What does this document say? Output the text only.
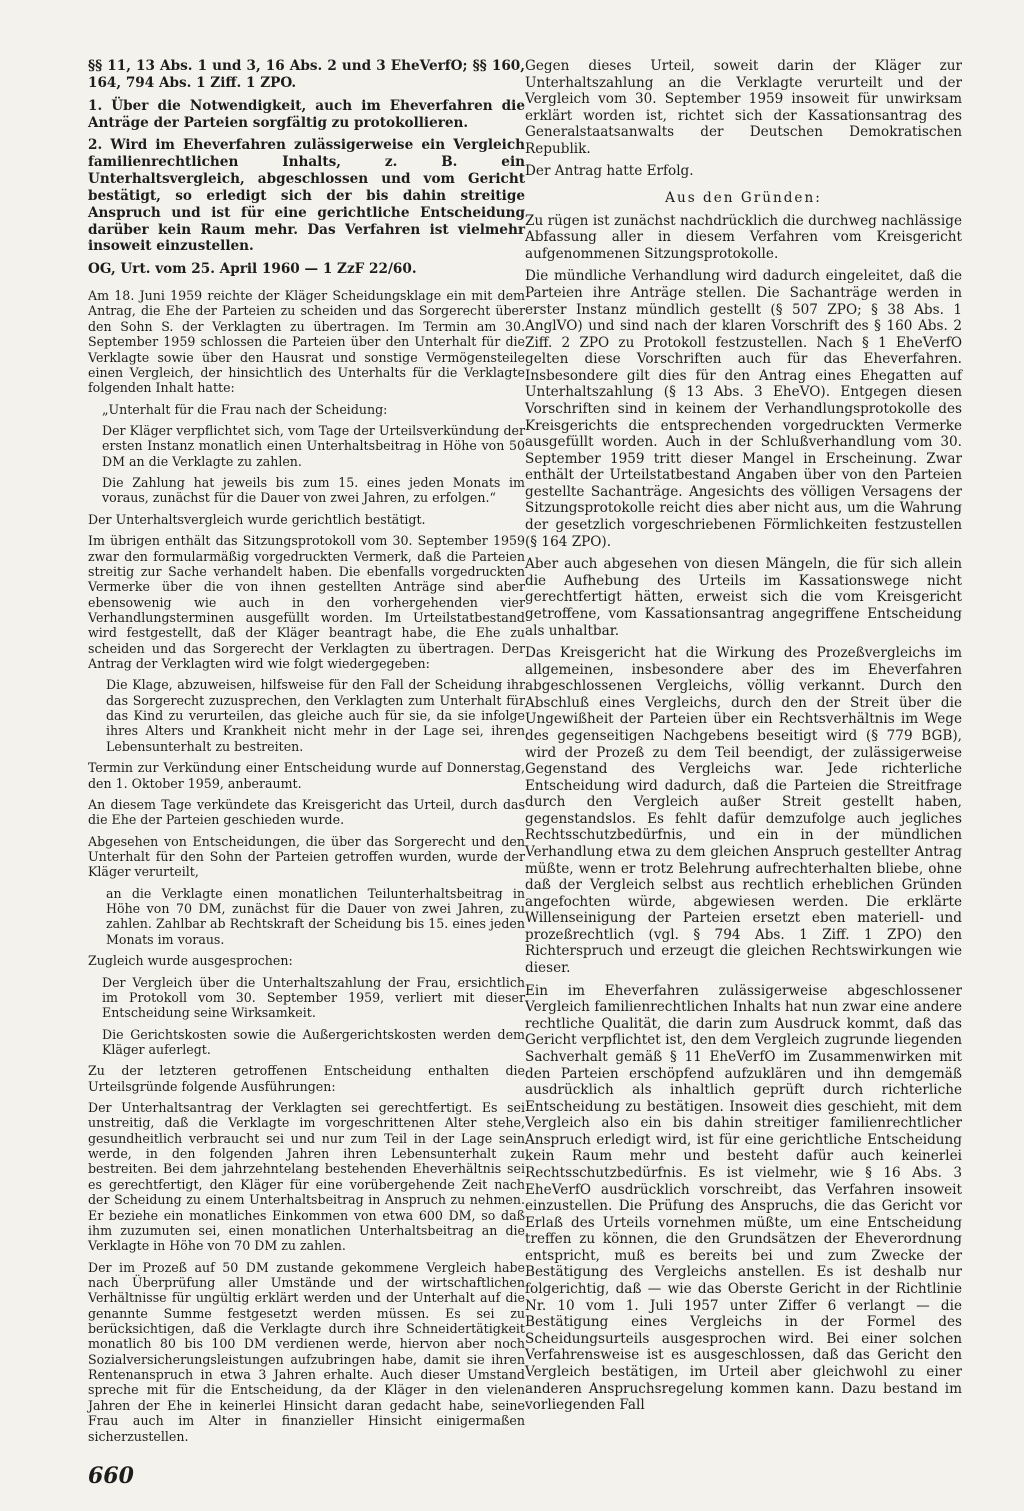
§§ 11, 13 Abs. 1 und 3, 16 Abs. 2 und 3 EheVerfO; §§ 160, 164, 794 Abs. 1 Ziff. 1 ZPO.

1. Über die Notwendigkeit, auch im Eheverfahren die Anträge der Parteien sorgfältig zu protokollieren.

2. Wird im Eheverfahren zulässigerweise ein Vergleich familienrechtlichen Inhalts, z. B. ein Unterhaltsvergleich, abgeschlossen und vom Gericht bestätigt, so erledigt sich der bis dahin streitige Anspruch und ist für eine gerichtliche Entscheidung darüber kein Raum mehr. Das Verfahren ist vielmehr insoweit einzustellen.

OG, Urt. vom 25. April 1960 — 1 ZzF 22/60.

Am 18. Juni 1959 reichte der Kläger Scheidungsklage ein mit dem Antrag, die Ehe der Parteien zu scheiden und das Sorgerecht über den Sohn S. der Verklagten zu übertragen. Im Termin am 30. September 1959 schlossen die Parteien über den Unterhalt für die Verklagte sowie über den Hausrat und sonstige Vermögensteile einen Vergleich, der hinsichtlich des Unterhalts für die Verklagte folgenden Inhalt hatte:

„Unterhalt für die Frau nach der Scheidung:

Der Kläger verpflichtet sich, vom Tage der Urteilsverkündung der ersten Instanz monatlich einen Unterhaltsbeitrag in Höhe von 50 DM an die Verklagte zu zahlen.

Die Zahlung hat jeweils bis zum 15. eines jeden Monats im voraus, zunächst für die Dauer von zwei Jahren, zu erfolgen.“

Der Unterhaltsvergleich wurde gerichtlich bestätigt.

Im übrigen enthält das Sitzungsprotokoll vom 30. September 1959 zwar den formularmäßig vorgedruckten Vermerk, daß die Parteien streitig zur Sache verhandelt haben. Die ebenfalls vorgedruckten Vermerke über die von ihnen gestellten Anträge sind aber ebensowenig wie auch in den vorhergehenden vier Verhandlungsterminen ausgefüllt worden. Im Urteilstatbestand wird festgestellt, daß der Kläger beantragt habe, die Ehe zu scheiden und das Sorgerecht der Verklagten zu übertragen. Der Antrag der Verklagten wird wie folgt wiedergegeben:

Die Klage, abzuweisen, hilfsweise für den Fall der Scheidung ihr das Sorgerecht zuzusprechen, den Verklagten zum Unterhalt für das Kind zu verurteilen, das gleiche auch für sie, da sie infolge ihres Alters und Krankheit nicht mehr in der Lage sei, ihren Lebensunterhalt zu bestreiten.

Termin zur Verkündung einer Entscheidung wurde auf Donnerstag, den 1. Oktober 1959, anberaumt.

An diesem Tage verkündete das Kreisgericht das Urteil, durch das die Ehe der Parteien geschieden wurde.

Abgesehen von Entscheidungen, die über das Sorgerecht und den Unterhalt für den Sohn der Parteien getroffen wurden, wurde der Kläger verurteilt,

an die Verklagte einen monatlichen Teilunterhaltsbeitrag in Höhe von 70 DM, zunächst für die Dauer von zwei Jahren, zu zahlen. Zahlbar ab Rechtskraft der Scheidung bis 15. eines jeden Monats im voraus.

Zugleich wurde ausgesprochen:

Der Vergleich über die Unterhaltszahlung der Frau, ersichtlich im Protokoll vom 30. September 1959, verliert mit dieser Entscheidung seine Wirksamkeit.

Die Gerichtskosten sowie die Außergerichtskosten werden dem Kläger auferlegt.

Zu der letzteren getroffenen Entscheidung enthalten die Urteilsgründe folgende Ausführungen:

Der Unterhaltsantrag der Verklagten sei gerechtfertigt. Es sei unstreitig, daß die Verklagte im vorgeschrittenen Alter stehe, gesundheitlich verbraucht sei und nur zum Teil in der Lage sein werde, in den folgenden Jahren ihren Lebensunterhalt zu bestreiten. Bei dem jahrzehntelang bestehenden Eheverhältnis sei es gerechtfertigt, den Kläger für eine vorübergehende Zeit nach der Scheidung zu einem Unterhaltsbeitrag in Anspruch zu nehmen. Er beziehe ein monatliches Einkommen von etwa 600 DM, so daß ihm zuzumuten sei, einen monatlichen Unterhaltsbeitrag an die Verklagte in Höhe von 70 DM zu zahlen.

Der im Prozeß auf 50 DM zustande gekommene Vergleich habe nach Überprüfung aller Umstände und der wirtschaftlichen Verhältnisse für ungültig erklärt werden und der Unterhalt auf die genannte Summe festgesetzt werden müssen. Es sei zu berücksichtigen, daß die Verklagte durch ihre Schneidertätigkeit monatlich 80 bis 100 DM verdienen werde, hiervon aber noch Sozialversicherungsleistungen aufzubringen habe, damit sie ihren Rentenanspruch in etwa 3 Jahren erhalte. Auch dieser Umstand spreche mit für die Entscheidung, da der Kläger in den vielen Jahren der Ehe in keinerlei Hinsicht daran gedacht habe, seine Frau auch im Alter in finanzieller Hinsicht einigermaßen sicherzustellen.

Gegen dieses Urteil, soweit darin der Kläger zur Unterhaltszahlung an die Verklagte verurteilt und der Vergleich vom 30. September 1959 insoweit für unwirksam erklärt worden ist, richtet sich der Kassationsantrag des Generalstaatsanwalts der Deutschen Demokratischen Republik.

Der Antrag hatte Erfolg.

Aus den Gründen:

Zu rügen ist zunächst nachdrücklich die durchweg nachlässige Abfassung aller in diesem Verfahren vom Kreisgericht aufgenommenen Sitzungsprotokolle.

Die mündliche Verhandlung wird dadurch eingeleitet, daß die Parteien ihre Anträge stellen. Die Sachanträge werden in erster Instanz mündlich gestellt (§ 507 ZPO; § 38 Abs. 1 AnglVO) und sind nach der klaren Vorschrift des § 160 Abs. 2 Ziff. 2 ZPO zu Protokoll festzustellen. Nach § 1 EheVerfO gelten diese Vorschriften auch für das Eheverfahren. Insbesondere gilt dies für den Antrag eines Ehegatten auf Unterhaltszahlung (§ 13 Abs. 3 EheVO). Entgegen diesen Vorschriften sind in keinem der Verhandlungsprotokolle des Kreisgerichts die entsprechenden vorgedruckten Vermerke ausgefüllt worden. Auch in der Schlußverhandlung vom 30. September 1959 tritt dieser Mangel in Erscheinung. Zwar enthält der Urteilstatbestand Angaben über von den Parteien gestellte Sachanträge. Angesichts des völligen Versagens der Sitzungsprotokolle reicht dies aber nicht aus, um die Wahrung der gesetzlich vorgeschriebenen Förmlichkeiten festzustellen (§ 164 ZPO).

Aber auch abgesehen von diesen Mängeln, die für sich allein die Aufhebung des Urteils im Kassationswege nicht gerechtfertigt hätten, erweist sich die vom Kreisgericht getroffene, vom Kassationsantrag angegriffene Entscheidung als unhaltbar.

Das Kreisgericht hat die Wirkung des Prozeßvergleichs im allgemeinen, insbesondere aber des im Eheverfahren abgeschlossenen Vergleichs, völlig verkannt. Durch den Abschluß eines Vergleichs, durch den der Streit über die Ungewißheit der Parteien über ein Rechtsverhältnis im Wege des gegenseitigen Nachgebens beseitigt wird (§ 779 BGB), wird der Prozeß zu dem Teil beendigt, der zulässigerweise Gegenstand des Vergleichs war. Jede richterliche Entscheidung wird dadurch, daß die Parteien die Streitfrage durch den Vergleich außer Streit gestellt haben, gegenstandslos. Es fehlt dafür demzufolge auch jegliches Rechtsschutzbedürfnis, und ein in der mündlichen Verhandlung etwa zu dem gleichen Anspruch gestellter Antrag müßte, wenn er trotz Belehrung aufrechterhalten bliebe, ohne daß der Vergleich selbst aus rechtlich erheblichen Gründen angefochten würde, abgewiesen werden. Die erklärte Willenseinigung der Parteien ersetzt eben materiell- und prozeßrechtlich (vgl. § 794 Abs. 1 Ziff. 1 ZPO) den Richterspruch und erzeugt die gleichen Rechtswirkungen wie dieser.

Ein im Eheverfahren zulässigerweise abgeschlossener Vergleich familienrechtlichen Inhalts hat nun zwar eine andere rechtliche Qualität, die darin zum Ausdruck kommt, daß das Gericht verpflichtet ist, den dem Vergleich zugrunde liegenden Sachverhalt gemäß § 11 EheVerfO im Zusammenwirken mit den Parteien erschöpfend aufzuklären und ihn demgemäß ausdrücklich als inhaltlich geprüft durch richterliche Entscheidung zu bestätigen. Insoweit dies geschieht, mit dem Vergleich also ein bis dahin streitiger familienrechtlicher Anspruch erledigt wird, ist für eine gerichtliche Entscheidung kein Raum mehr und besteht dafür auch keinerlei Rechtsschutzbedürfnis. Es ist vielmehr, wie § 16 Abs. 3 EheVerfO ausdrücklich vorschreibt, das Verfahren insoweit einzustellen. Die Prüfung des Anspruchs, die das Gericht vor Erlaß des Urteils vornehmen müßte, um eine Entscheidung treffen zu können, die den Grundsätzen der Eheverordnung entspricht, muß es bereits bei und zum Zwecke der Bestätigung des Vergleichs anstellen. Es ist deshalb nur folgerichtig, daß — wie das Oberste Gericht in der Richtlinie Nr. 10 vom 1. Juli 1957 unter Ziffer 6 verlangt — die Bestätigung eines Vergleichs in der Formel des Scheidungsurteils ausgesprochen wird. Bei einer solchen Verfahrensweise ist es ausgeschlossen, daß das Gericht den Vergleich bestätigen, im Urteil aber gleichwohl zu einer anderen Anspruchsregelung kommen kann. Dazu bestand im vorliegenden Fall

660
